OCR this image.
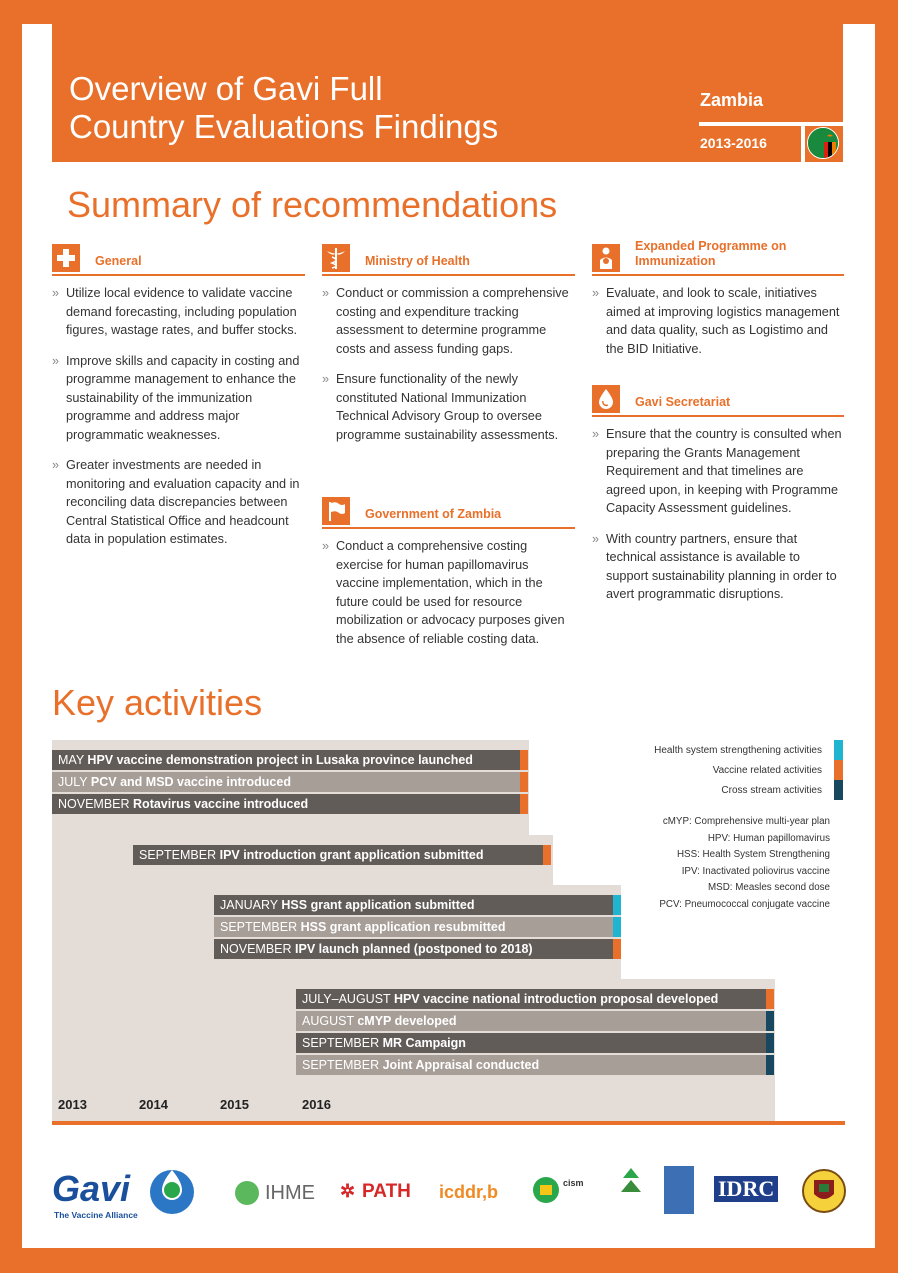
Overview of Gavi Full
Country Evaluations Findings
Zambia
2013-2016
Summary of recommendations
General
» Utilize local evidence to validate vaccine demand forecasting, including population figures, wastage rates, and buffer stocks.
» Improve skills and capacity in costing and programme management to enhance the sustainability of the immunization programme and address major programmatic weaknesses.
» Greater investments are needed in monitoring and evaluation capacity and in reconciling data discrepancies between Central Statistical Office and headcount data in population estimates.
Ministry of Health
» Conduct or commission a comprehensive costing and expenditure tracking assessment to determine programme costs and assess funding gaps.
» Ensure functionality of the newly constituted National Immunization Technical Advisory Group to oversee programme sustainability assessments.
Government of Zambia
» Conduct a comprehensive costing exercise for human papillomavirus vaccine implementation, which in the future could be used for resource mobilization or advocacy purposes given the absence of reliable costing data.
Expanded Programme on
Immunization
» Evaluate, and look to scale, initiatives aimed at improving logistics management and data quality, such as Logistimo and the BID Initiative.
Gavi Secretariat
» Ensure that the country is consulted when preparing the Grants Management Requirement and that timelines are agreed upon, in keeping with Programme Capacity Assessment guidelines.
» With country partners, ensure that technical assistance is available to support sustainability planning in order to avert programmatic disruptions.
Key activities
MAY HPV vaccine demonstration project in Lusaka province launched
JULY PCV and MSD vaccine introduced
NOVEMBER Rotavirus vaccine introduced
SEPTEMBER IPV introduction grant application submitted
JANUARY HSS grant application submitted
SEPTEMBER HSS grant application resubmitted
NOVEMBER IPV launch planned (postponed to 2018)
JULY–AUGUST HPV vaccine national introduction proposal developed
AUGUST cMYP developed
SEPTEMBER MR Campaign
SEPTEMBER Joint Appraisal conducted
2013	2014	2015	2016
Health system strengthening activities
Vaccine related activities
Cross stream activities
cMYP: Comprehensive multi-year plan
HPV: Human papillomavirus
HSS: Health System Strengthening
IPV: Inactivated poliovirus vaccine
MSD: Measles second dose
PCV: Pneumococcal conjugate vaccine
Gavi
The Vaccine Alliance
IHME ✲ PATH icddr,b	cism	IDRC
